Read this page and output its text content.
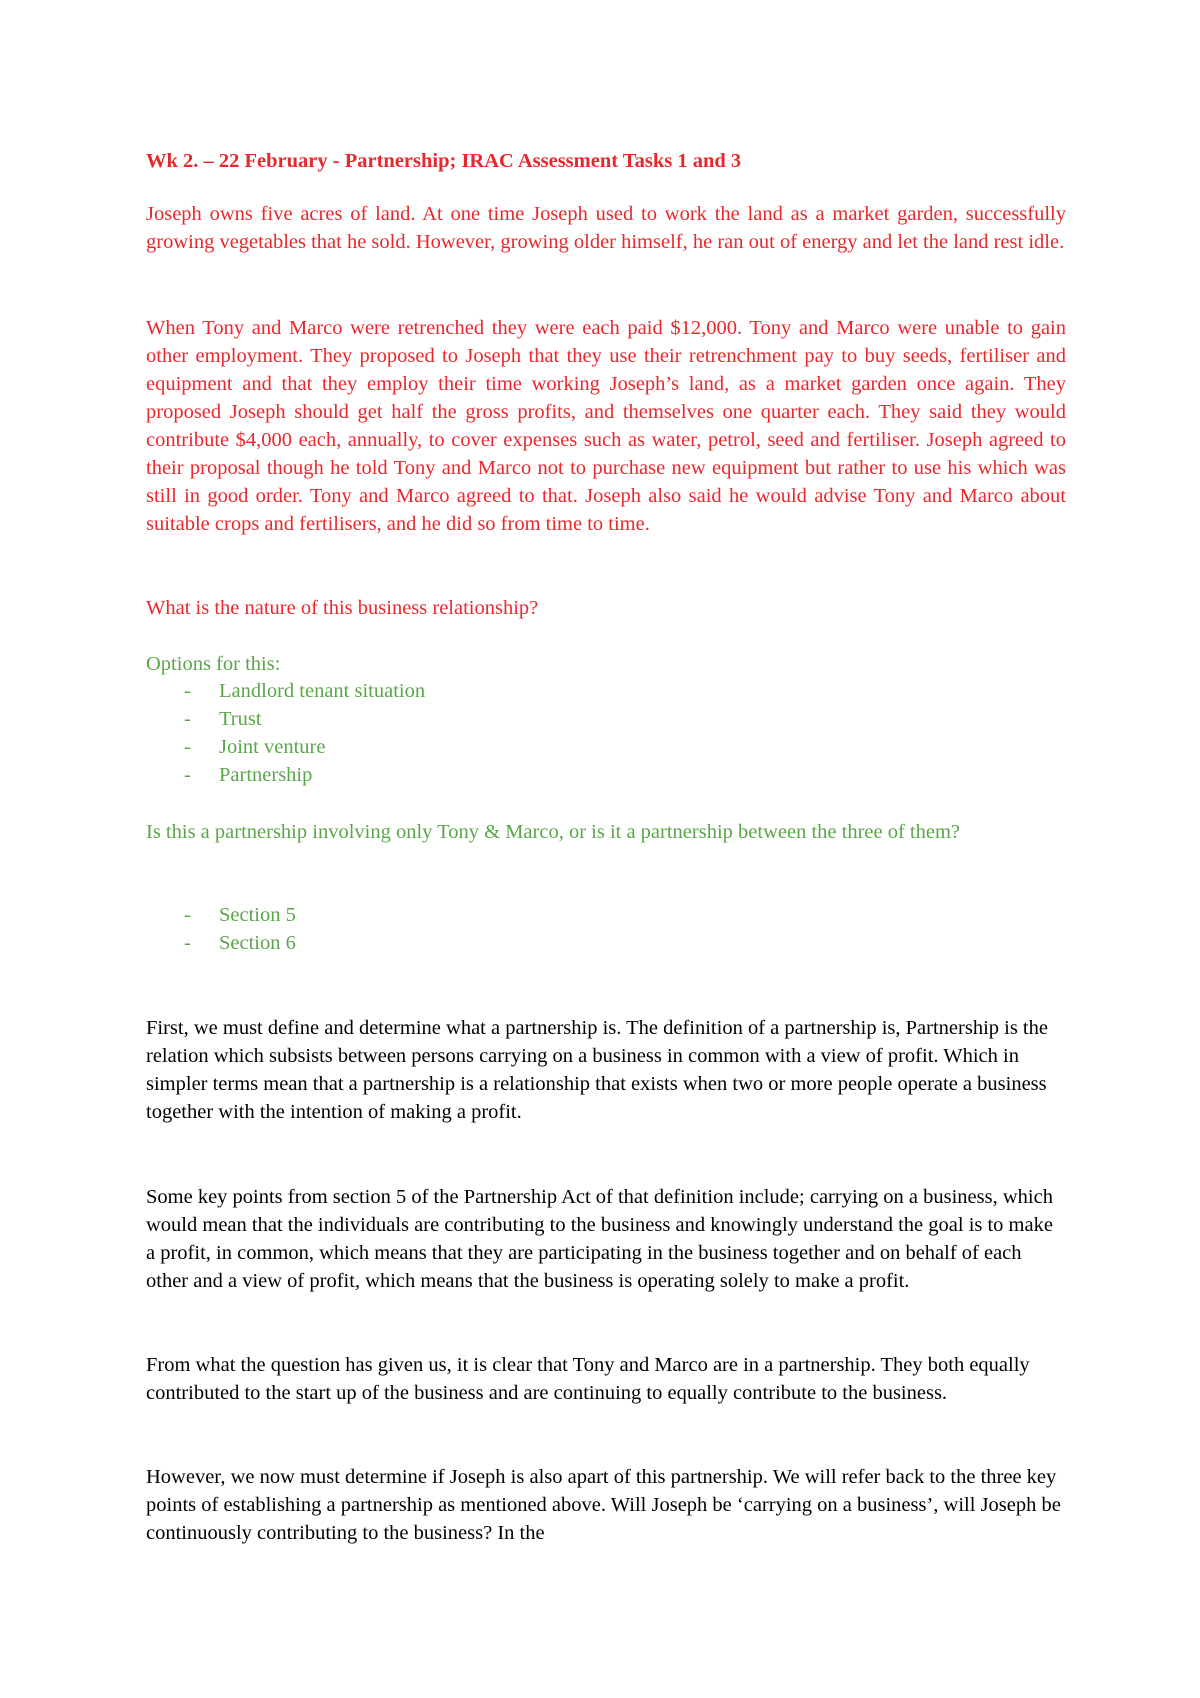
Wk 2. – 22 February - Partnership; IRAC Assessment Tasks 1 and 3
Joseph owns five acres of land. At one time Joseph used to work the land as a market garden, successfully growing vegetables that he sold. However, growing older himself, he ran out of energy and let the land rest idle.
When Tony and Marco were retrenched they were each paid $12,000. Tony and Marco were unable to gain other employment. They proposed to Joseph that they use their retrenchment pay to buy seeds, fertiliser and equipment and that they employ their time working Joseph’s land, as a market garden once again. They proposed Joseph should get half the gross profits, and themselves one quarter each. They said they would contribute $4,000 each, annually, to cover expenses such as water, petrol, seed and fertiliser. Joseph agreed to their proposal though he told Tony and Marco not to purchase new equipment but rather to use his which was still in good order. Tony and Marco agreed to that. Joseph also said he would advise Tony and Marco about suitable crops and fertilisers, and he did so from time to time.
What is the nature of this business relationship?
Options for this:
- Landlord tenant situation
- Trust
- Joint venture
- Partnership
Is this a partnership involving only Tony & Marco, or is it a partnership between the three of them?
- Section 5
- Section 6
First, we must define and determine what a partnership is. The definition of a partnership is, Partnership is the relation which subsists between persons carrying on a business in common with a view of profit. Which in simpler terms mean that a partnership is a relationship that exists when two or more people operate a business together with the intention of making a profit.
Some key points from section 5 of the Partnership Act of that definition include; carrying on a business, which would mean that the individuals are contributing to the business and knowingly understand the goal is to make a profit, in common, which means that they are participating in the business together and on behalf of each other and a view of profit, which means that the business is operating solely to make a profit.
From what the question has given us, it is clear that Tony and Marco are in a partnership. They both equally contributed to the start up of the business and are continuing to equally contribute to the business.
However, we now must determine if Joseph is also apart of this partnership. We will refer back to the three key points of establishing a partnership as mentioned above. Will Joseph be ‘carrying on a business’, will Joseph be continuously contributing to the business? In the
